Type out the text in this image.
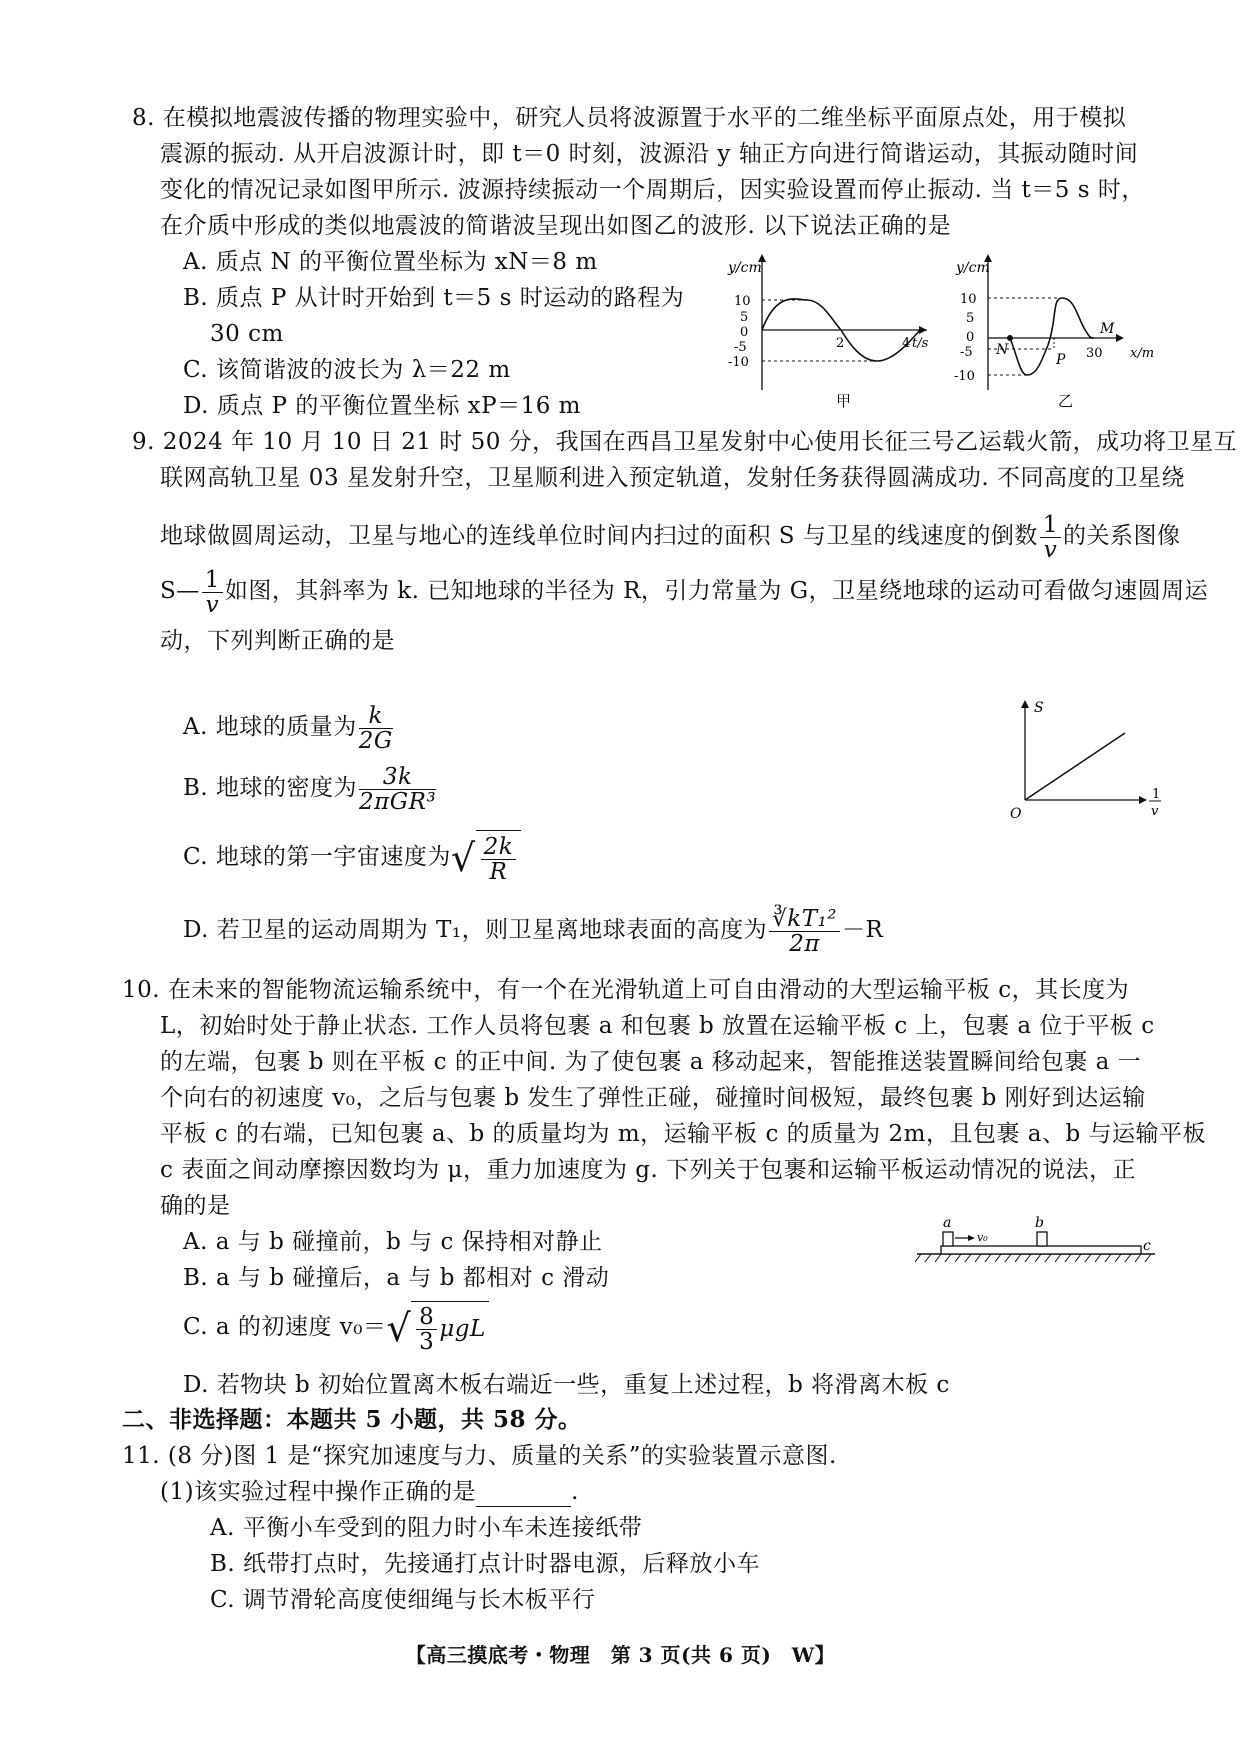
8. 在模拟地震波传播的物理实验中，研究人员将波源置于水平的二维坐标平面原点处，用于模拟
震源的振动. 从开启波源计时，即 t＝0 时刻，波源沿 y 轴正方向进行简谐运动，其振动随时间
变化的情况记录如图甲所示. 波源持续振动一个周期后，因实验设置而停止振动. 当 t＝5 s 时，
在介质中形成的类似地震波的简谐波呈现出如图乙的波形. 以下说法正确的是
A. 质点 N 的平衡位置坐标为 xN＝8 m
B. 质点 P 从计时开始到 t＝5 s 时运动的路程为
30 cm
C. 该简谐波的波长为 λ＝22 m
D. 质点 P 的平衡位置坐标 xP＝16 m
y/cm
10
5
0
-5
-10
2	4 t/s
甲
y/cm
10
5
0
-5
-10
N
P
M
30 x/m
乙
9. 2024 年 10 月 10 日 21 时 50 分，我国在西昌卫星发射中心使用长征三号乙运载火箭，成功将卫星互
联网高轨卫星 03 星发射升空，卫星顺利进入预定轨道，发射任务获得圆满成功. 不同高度的卫星绕
地球做圆周运动，卫星与地心的连线单位时间内扫过的面积 S 与卫星的线速度的倒数 $\frac{1}{v}$ 的关系图像
S— $\frac{1}{v}$ 如图，其斜率为 k. 已知地球的半径为 R，引力常量为 G，卫星绕地球的运动可看做匀速圆周运
动，下列判断正确的是
A. 地球的质量为 $\frac{k}{2G}$
B. 地球的密度为 $\frac{3k}{\text{2πGR³}}$
C. 地球的第一宇宙速度为√ $\frac{2k}{R}$
D. 若卫星的运动周期为 T₁，则卫星离地球表面的高度为 $\frac{\text{∛kT₁²}}{2\pi} -R$
S
O
1
v
10. 在未来的智能物流运输系统中，有一个在光滑轨道上可自由滑动的大型运输平板 c，其长度为
L，初始时处于静止状态. 工作人员将包裹 a 和包裹 b 放置在运输平板 c 上，包裹 a 位于平板 c
的左端，包裹 b 则在平板 c 的正中间. 为了使包裹 a 移动起来，智能推送装置瞬间给包裹 a 一
个向右的初速度 v₀，之后与包裹 b 发生了弹性正碰，碰撞时间极短，最终包裹 b 刚好到达运输
平板 c 的右端，已知包裹 a、b 的质量均为 m，运输平板 c 的质量为 2m，且包裹 a、b 与运输平板
c 表面之间动摩擦因数均为 μ，重力加速度为 g. 下列关于包裹和运输平板运动情况的说法，正
确的是
A. a 与 b 碰撞前，b 与 c 保持相对静止
B. a 与 b 碰撞后，a 与 b 都相对 c 滑动
C. a 的初速度 $v_0=√ \frac{8}{3}$ μgL
D. 若物块 b 初始位置离木板右端近一些，重复上述过程，b 将滑离木板 c
a	b
c
v₀
二、非选择题：本题共 5 小题，共 58 分。
11. (8 分)图 1 是“探究加速度与力、质量的关系”的实验装置示意图.
(1)该实验过程中操作正确的是	.
A. 平衡小车受到的阻力时小车未连接纸带
B. 纸带打点时，先接通打点计时器电源，后释放小车
C. 调节滑轮高度使细绳与长木板平行
【高三摸底考・物理　第 3 页(共 6 页)　W】
